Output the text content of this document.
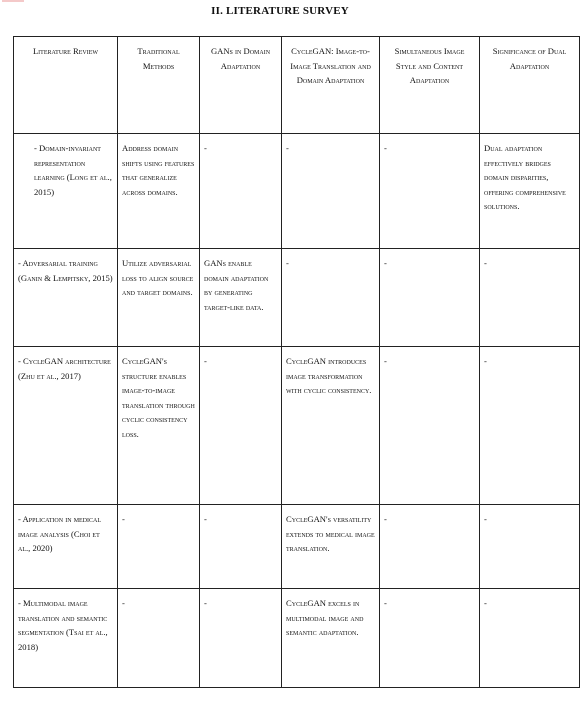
II. LITERATURE SURVEY
Literature Review	Traditional Methods	GANs in Domain Adaptation	CycleGAN: Image-to-Image Translation and Domain Adaptation	Simultaneous Image Style and Content Adaptation	Significance of Dual Adaptation
- Domain-invariant representation learning (Long et al., 2015)	Address domain shifts using features that generalize across domains.	-	-	-	Dual adaptation effectively bridges domain disparities, offering comprehensive solutions.
- Adversarial training (Ganin & Lempitsky, 2015)	Utilize adversarial loss to align source and target domains.	GANs enable domain adaptation by generating target-like data.	-	-	-
- CycleGAN architecture (Zhu et al., 2017)	CycleGAN's structure enables image-to-image translation through cyclic consistency loss.	-	CycleGAN introduces image transformation with cyclic consistency.	-	-
- Application in medical image analysis (Choi et al., 2020)	-	-	CycleGAN's versatility extends to medical image translation.	-	-
- Multimodal image translation and semantic segmentation (Tsai et al., 2018)	-	-	CycleGAN excels in multimodal image and semantic adaptation.	-	-
